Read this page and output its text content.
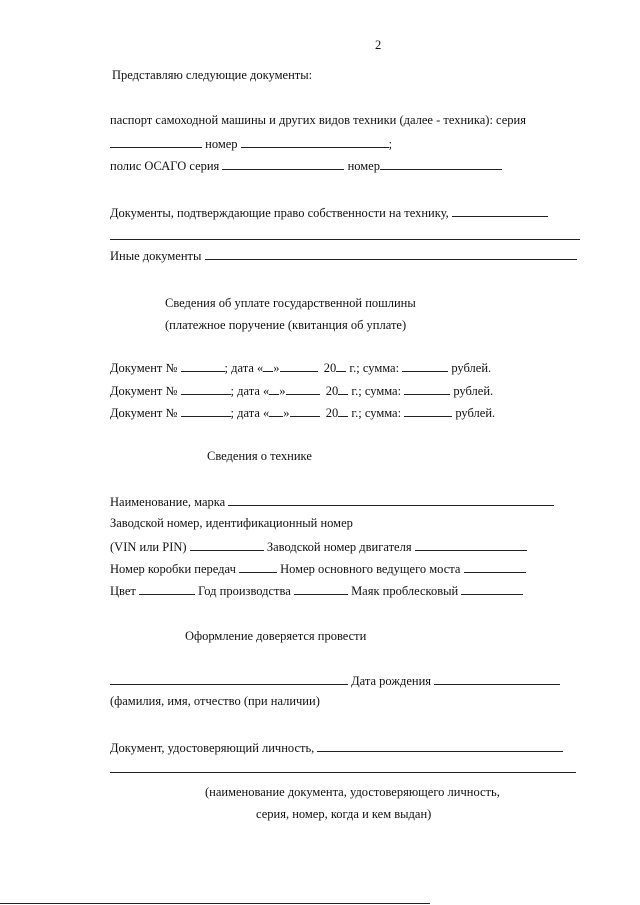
2
Представляю следующие документы:
паспорт самоходной машины и других видов техники (далее - техника): серия
номер	;
полис ОСАГО серия	номер
Документы, подтверждающие право собственности на технику,
Иные документы
Сведения об уплате государственной пошлины
(платежное поручение (квитанция об уплате)
Документ №	; дата « »	20 г.; сумма:	рублей.
Документ №	; дата « »	20 г.; сумма:	рублей.
Документ №	; дата « »	20 г.; сумма:	рублей.
Сведения о технике
Наименование, марка
Заводской номер, идентификационный номер
(VIN или PIN)	Заводской номер двигателя
Номер коробки передач	Номер основного ведущего моста
Цвет	Год производства	Маяк проблесковый
Оформление доверяется провести
Дата рождения
(фамилия, имя, отчество (при наличии)
Документ, удостоверяющий личность,
(наименование документа, удостоверяющего личность,
серия, номер, когда и кем выдан)
